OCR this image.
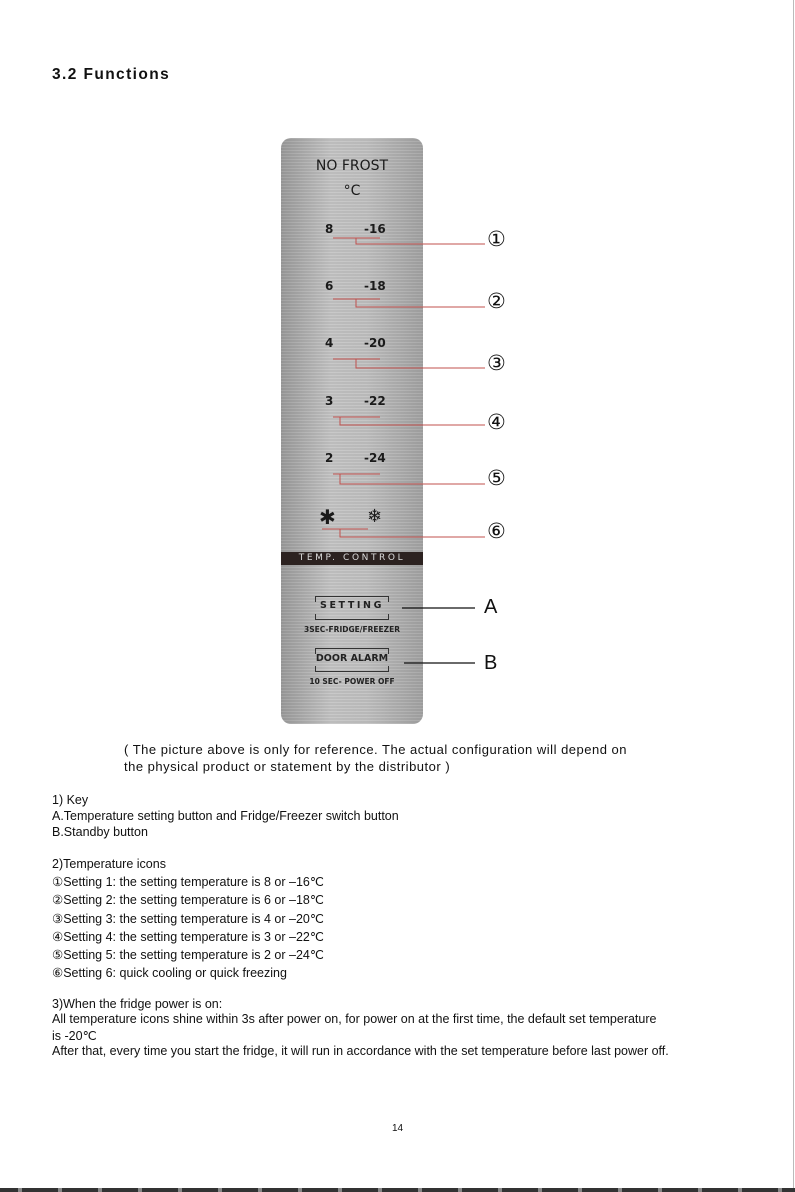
3.2 Functions
NO FROST
°C
8	-16
6	-18
4	-20
3	-22
2	-24
✱ ❄
TEMP. CONTROL
SETTING
3SEC-FRIDGE/FREEZER
DOOR ALARM
10 SEC- POWER OFF
①
②
③
④
⑤
⑥
A
B
( The picture above is only for reference. The actual configuration will depend on
the physical product or statement by the distributor )
1) Key
A.Temperature setting button and Fridge/Freezer switch button
B.Standby button
2)Temperature icons
①Setting 1: the setting temperature is 8 or –16℃
②Setting 2: the setting temperature is 6 or –18℃
③Setting 3: the setting temperature is 4 or –20℃
④Setting 4: the setting temperature is 3 or –22℃
⑤Setting 5: the setting temperature is 2 or –24℃
⑥Setting 6: quick cooling or quick freezing
3)When the fridge power is on:
All temperature icons shine within 3s after power on, for power on at the first time, the default set temperature
is -20℃
After that, every time you start the fridge, it will run in accordance with the set temperature before last power off.
14
